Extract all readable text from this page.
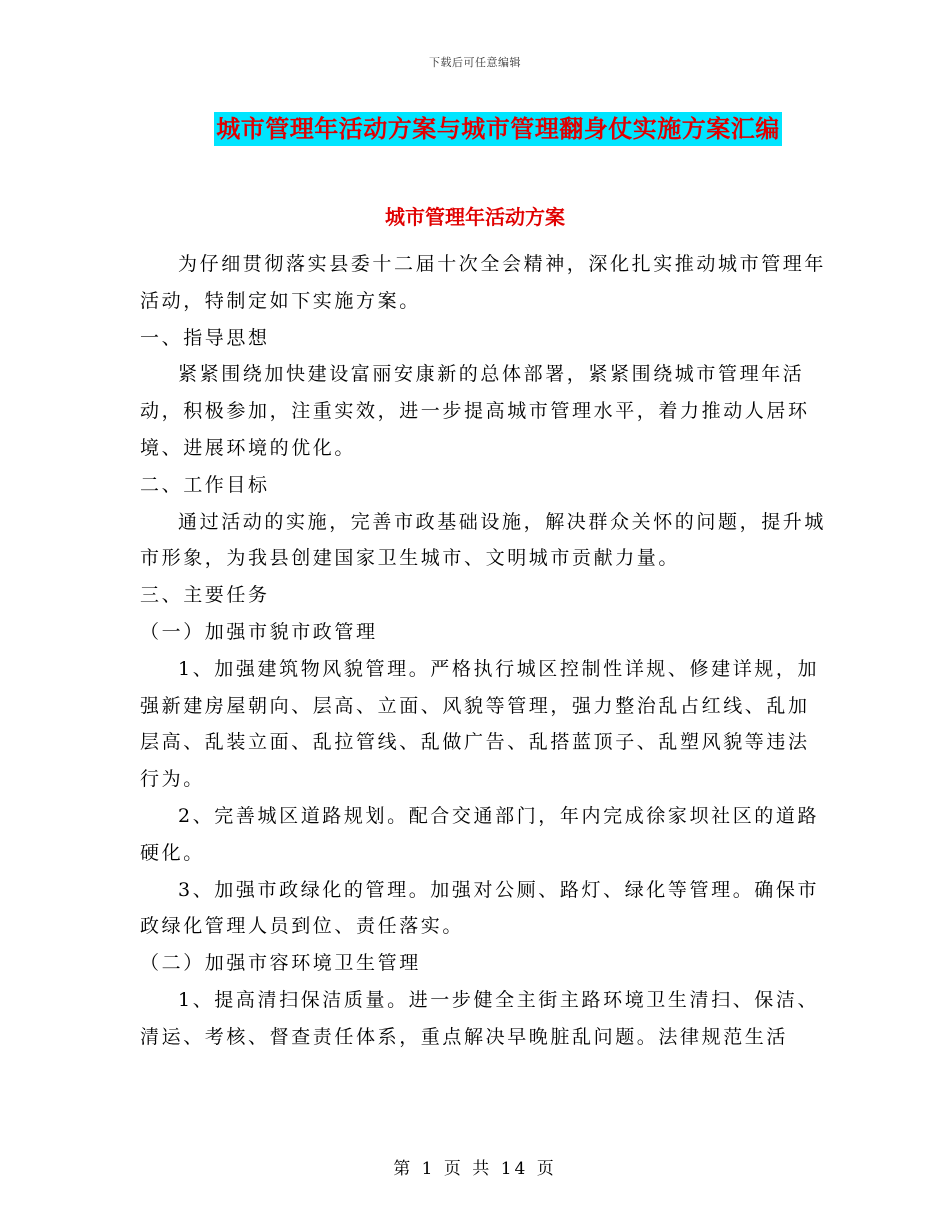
下载后可任意编辑
城市管理年活动方案与城市管理翻身仗实施方案汇编
城市管理年活动方案

为仔细贯彻落实县委十二届十次全会精神，深化扎实推动城市管理年活动，特制定如下实施方案。

一、指导思想

紧紧围绕加快建设富丽安康新的总体部署，紧紧围绕城市管理年活动，积极参加，注重实效，进一步提高城市管理水平，着力推动人居环境、进展环境的优化。

二、工作目标

通过活动的实施，完善市政基础设施，解决群众关怀的问题，提升城市形象，为我县创建国家卫生城市、文明城市贡献力量。

三、主要任务

（一）加强市貌市政管理

1、加强建筑物风貌管理。严格执行城区控制性详规、修建详规，加强新建房屋朝向、层高、立面、风貌等管理，强力整治乱占红线、乱加层高、乱装立面、乱拉管线、乱做广告、乱搭蓝顶子、乱塑风貌等违法行为。

2、完善城区道路规划。配合交通部门，年内完成徐家坝社区的道路硬化。

3、加强市政绿化的管理。加强对公厕、路灯、绿化等管理。确保市政绿化管理人员到位、责任落实。

（二）加强市容环境卫生管理

1、提高清扫保洁质量。进一步健全主街主路环境卫生清扫、保洁、清运、考核、督查责任体系，重点解决早晚脏乱问题。法律规范生活

第 1 页 共 14 页
